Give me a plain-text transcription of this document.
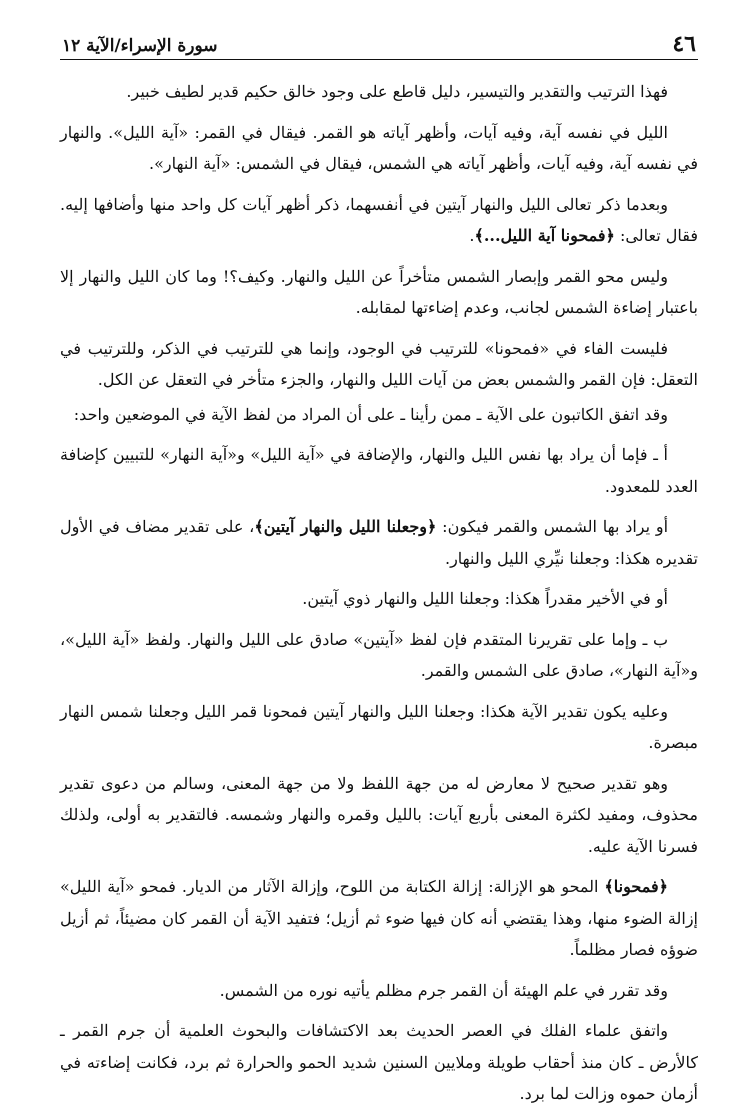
٤٦
سورة الإسراء/الآية ١٢

فهذا الترتيب والتقدير والتيسير، دليل قاطع على وجود خالق حكيم قدير لطيف خبير.

الليل في نفسه آية، وفيه آيات، وأظهر آياته هو القمر. فيقال في القمر: «آية الليل». والنهار في نفسه آية، وفيه آيات، وأظهر آياته هي الشمس، فيقال في الشمس: «آية النهار».

وبعدما ذكر تعالى الليل والنهار آيتين في أنفسهما، ذكر أظهر آيات كل واحد منها وأضافها إليه. فقال تعالى: ﴿فمحونا آية الليل...﴾.

وليس محو القمر وإبصار الشمس متأخراً عن الليل والنهار. وكيف؟! وما كان الليل والنهار إلا باعتبار إضاءة الشمس لجانب، وعدم إضاءتها لمقابله.

فليست الفاء في «فمحونا» للترتيب في الوجود، وإنما هي للترتيب في الذكر، وللترتيب في التعقل: فإن القمر والشمس بعض من آيات الليل والنهار، والجزء متأخر في التعقل عن الكل.

وقد اتفق الكاتبون على الآية ـ ممن رأينا ـ على أن المراد من لفظ الآية في الموضعين واحد:

أ ـ فإما أن يراد بها نفس الليل والنهار، والإضافة في «آية الليل» و«آية النهار» للتبيين كإضافة العدد للمعدود.

أو يراد بها الشمس والقمر فيكون: ﴿وجعلنا الليل والنهار آيتين﴾، على تقدير مضاف في الأول تقديره هكذا: وجعلنا نيِّري الليل والنهار.

أو في الأخير مقدراً هكذا: وجعلنا الليل والنهار ذوي آيتين.

ب ـ وإما على تقريرنا المتقدم فإن لفظ «آيتين» صادق على الليل والنهار. ولفظ «آية الليل»، و«آية النهار»، صادق على الشمس والقمر.

وعليه يكون تقدير الآية هكذا: وجعلنا الليل والنهار آيتين فمحونا قمر الليل وجعلنا شمس النهار مبصرة.

وهو تقدير صحيح لا معارض له من جهة اللفظ ولا من جهة المعنى، وسالم من دعوى تقدير محذوف، ومفيد لكثرة المعنى بأربع آيات: بالليل وقمره والنهار وشمسه. فالتقدير به أولى، ولذلك فسرنا الآية عليه.

﴿فمحونا﴾ المحو هو الإزالة: إزالة الكتابة من اللوح، وإزالة الآثار من الديار. فمحو «آية الليل» إزالة الضوء منها، وهذا يقتضي أنه كان فيها ضوء ثم أزيل؛ فتفيد الآية أن القمر كان مضيئاً، ثم أزيل ضوؤه فصار مظلماً.

وقد تقرر في علم الهيئة أن القمر جرم مظلم يأتيه نوره من الشمس.

واتفق علماء الفلك في العصر الحديث بعد الاكتشافات والبحوث العلمية أن جرم القمر ـ كالأرض ـ كان منذ أحقاب طويلة وملايين السنين شديد الحمو والحرارة ثم برد، فكانت إضاءته في أزمان حموه وزالت لما برد.
